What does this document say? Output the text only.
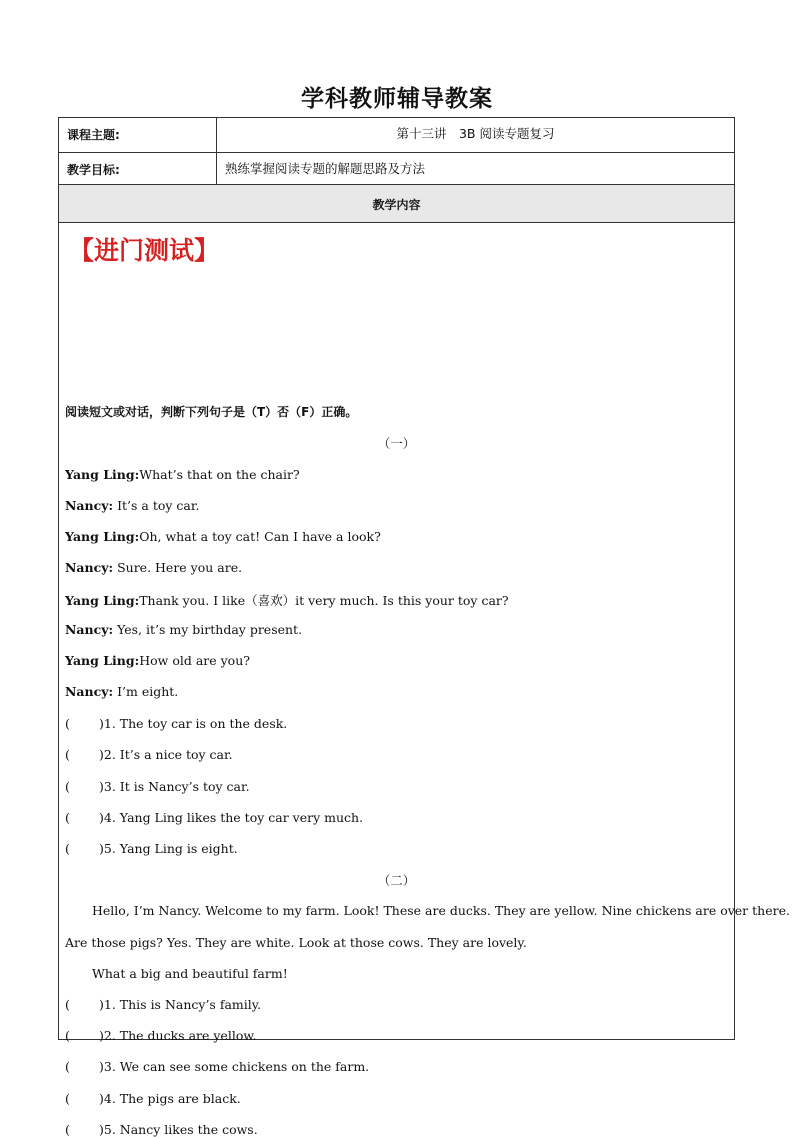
学科教师辅导教案
课程主题:	第十三讲　3B 阅读专题复习
教学目标:	熟练掌握阅读专题的解题思路及方法
教学内容
【进门测试】
阅读短文或对话，判断下列句子是（T）否（F）正确。
（一）
Yang Ling:What’s that on the chair?
Nancy: It’s a toy car.
Yang Ling:Oh, what a toy cat! Can I have a look?
Nancy: Sure. Here you are.
Yang Ling:Thank you. I like（喜欢）it very much. Is this your toy car?
Nancy: Yes, it’s my birthday present.
Yang Ling:How old are you?
Nancy: I’m eight.
( )1. The toy car is on the desk.
( )2. It’s a nice toy car.
( )3. It is Nancy’s toy car.
( )4. Yang Ling likes the toy car very much.
( )5. Yang Ling is eight.
（二）
Hello, I’m Nancy. Welcome to my farm. Look! These are ducks. They are yellow. Nine chickens are over there.
Are those pigs? Yes. They are white. Look at those cows. They are lovely.
What a big and beautiful farm!
( )1. This is Nancy’s family.
( )2. The ducks are yellow.
( )3. We can see some chickens on the farm.
( )4. The pigs are black.
( )5. Nancy likes the cows.
